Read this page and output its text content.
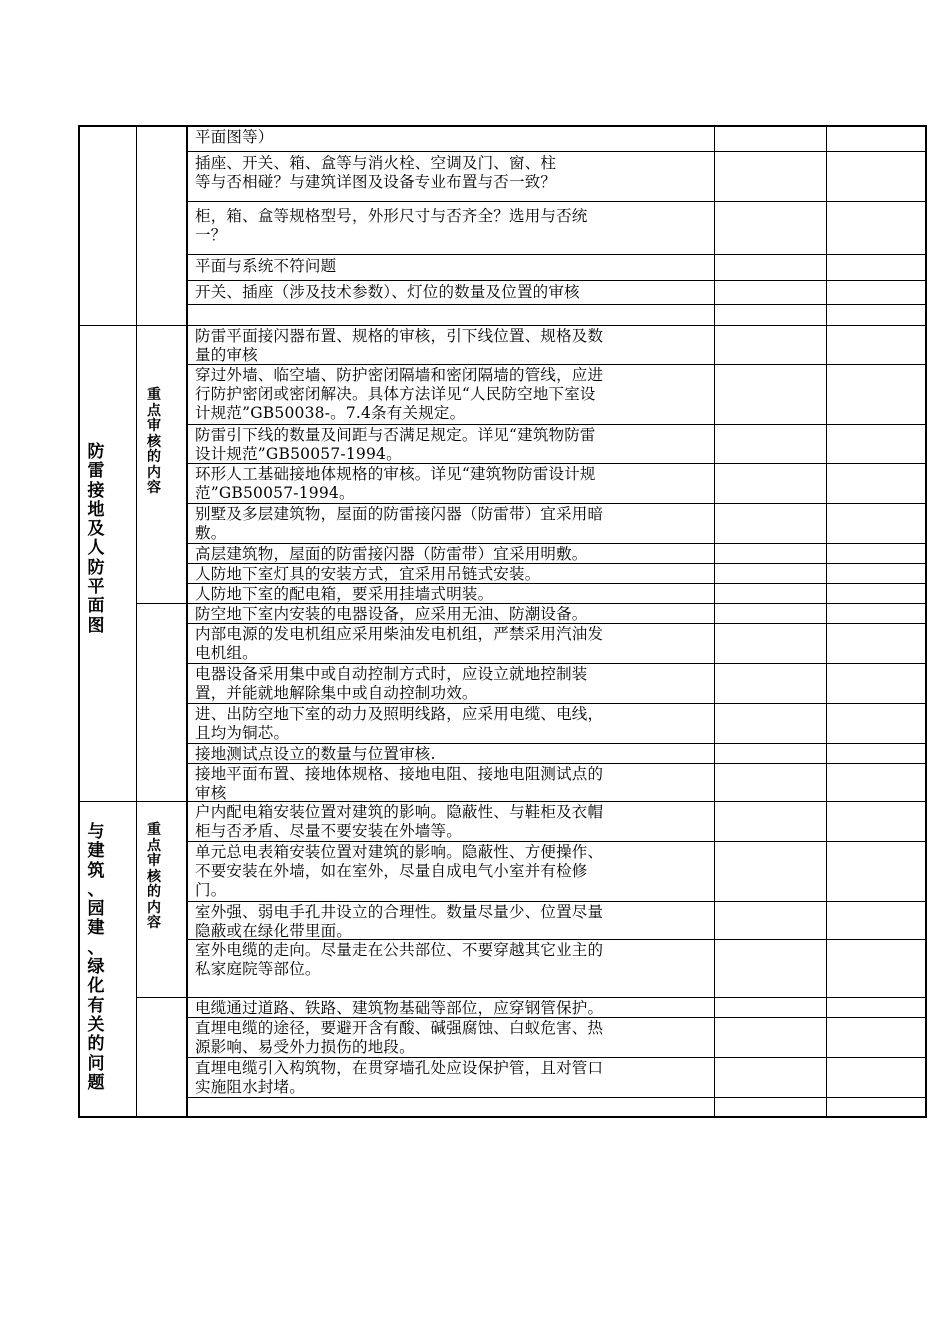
平面图等）
插座、开关、箱、盒等与消火栓、空调及门、窗、柱
等与否相碰？与建筑详图及设备专业布置与否一致？
柜，箱、盒等规格型号，外形尺寸与否齐全？选用与否统
一？
平面与系统不符问题
开关、插座（涉及技术参数）、灯位的数量及位置的审核
防雷平面接闪器布置、规格的审核，引下线位置、规格及数
量的审核
穿过外墙、临空墙、防护密闭隔墙和密闭隔墙的管线，应进
行防护密闭或密闭解决。具体方法详见“人民防空地下室设
计规范”GB50038-。7.4条有关规定。
防雷引下线的数量及间距与否满足规定。详见“建筑物防雷
设计规范”GB50057-1994。
环形人工基础接地体规格的审核。详见“建筑物防雷设计规
范”GB50057-1994。
别墅及多层建筑物，屋面的防雷接闪器（防雷带）宜采用暗
敷。
高层建筑物，屋面的防雷接闪器（防雷带）宜采用明敷。
人防地下室灯具的安装方式，宜采用吊链式安装。
人防地下室的配电箱，要采用挂墙式明装。
防空地下室内安装的电器设备，应采用无油、防潮设备。
内部电源的发电机组应采用柴油发电机组，严禁采用汽油发
电机组。
电器设备采用集中或自动控制方式时，应设立就地控制装
置，并能就地解除集中或自动控制功效。
进、出防空地下室的动力及照明线路，应采用电缆、电线，
且均为铜芯。
接地测试点设立的数量与位置审核.
接地平面布置、接地体规格、接地电阻、接地电阻测试点的
审核
户内配电箱安装位置对建筑的影响。隐蔽性、与鞋柜及衣帽
柜与否矛盾、尽量不要安装在外墙等。
单元总电表箱安装位置对建筑的影响。隐蔽性、方便操作、
不要安装在外墙，如在室外，尽量自成电气小室并有检修
门。
室外强、弱电手孔井设立的合理性。数量尽量少、位置尽量
隐蔽或在绿化带里面。
室外电缆的走向。尽量走在公共部位、不要穿越其它业主的
私家庭院等部位。
电缆通过道路、铁路、建筑物基础等部位，应穿钢管保护。
直埋电缆的途径，要避开含有酸、碱强腐蚀、白蚁危害、热
源影响、易受外力损伤的地段。
直埋电缆引入构筑物，在贯穿墙孔处应设保护管，且对管口
实施阻水封堵。
防
雷
接
地
及
人
防
平
面
图
重
点
审
核
的
内
容
与
建
筑
、
园
建
、
绿
化
有
关
的
问
题
重
点
审
核
的
内
容
